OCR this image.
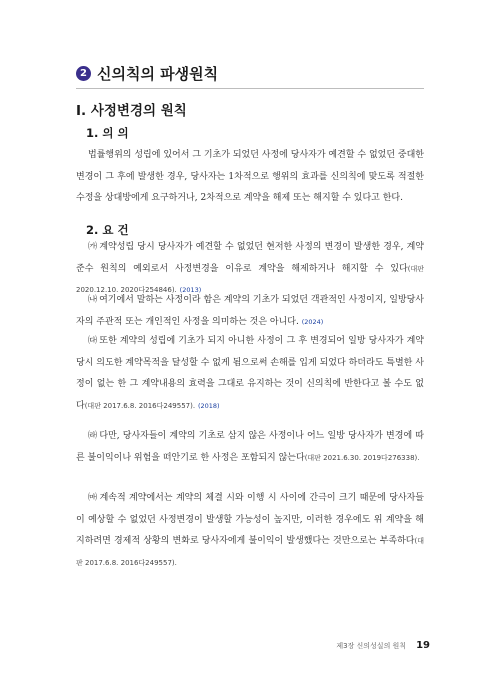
2 신의칙의 파생원칙
Ⅰ. 사정변경의 원칙
1. 의 의

법률행위의 성립에 있어서 그 기초가 되었던 사정에 당사자가 예견할 수 없었던 중대한 변경이 그 후에 발생한 경우, 당사자는 1차적으로 행위의 효과를 신의칙에 맞도록 적절한 수정을 상대방에게 요구하거나, 2차적으로 계약을 해제 또는 해지할 수 있다고 한다.

2. 요 건

㈎ 계약성립 당시 당사자가 예견할 수 없었던 현저한 사정의 변경이 발생한 경우, 계약준수 원칙의 예외로서 사정변경을 이유로 계약을 해제하거나 해지할 수 있다(대판 2020.12.10. 2020다254846). (2013)

㈏ 여기에서 말하는 사정이라 함은 계약의 기초가 되었던 객관적인 사정이지, 일방당사자의 주관적 또는 개인적인 사정을 의미하는 것은 아니다. (2024)

㈐ 또한 계약의 성립에 기초가 되지 아니한 사정이 그 후 변경되어 일방 당사자가 계약 당시 의도한 계약목적을 달성할 수 없게 됨으로써 손해를 입게 되었다 하더라도 특별한 사정이 없는 한 그 계약내용의 효력을 그대로 유지하는 것이 신의칙에 반한다고 볼 수도 없다(대판 2017.6.8. 2016다249557). (2018)

㈑ 다만, 당사자들이 계약의 기초로 삼지 않은 사정이나 어느 일방 당사자가 변경에 따른 불이익이나 위험을 떠안기로 한 사정은 포함되지 않는다(대판 2021.6.30. 2019다276338).

㈒ 계속적 계약에서는 계약의 체결 시와 이행 시 사이에 간극이 크기 때문에 당사자들이 예상할 수 없었던 사정변경이 발생할 가능성이 높지만, 이러한 경우에도 위 계약을 해지하려면 경제적 상황의 변화로 당사자에게 불이익이 발생했다는 것만으로는 부족하다(대판 2017.6.8. 2016다249557).

제3장 신의성실의 원칙 19
